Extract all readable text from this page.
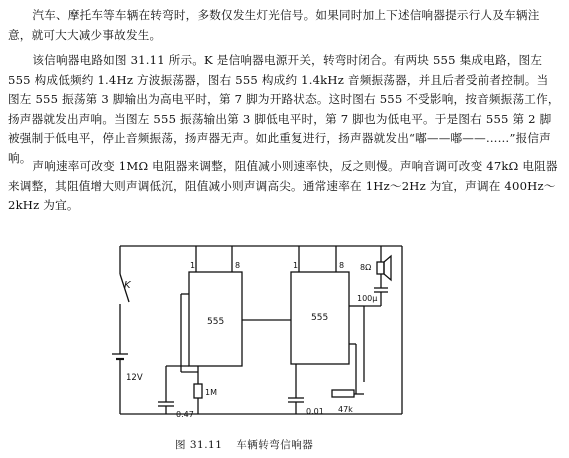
汽车、摩托车等车辆在转弯时，多数仅发生灯光信号。如果同时加上下述信响器提示行人及车辆注意，就可大大减少事故发生。

该信响器电路如图 31.11 所示。K 是信响器电源开关，转弯时闭合。有两块 555 集成电路，图左 555 构成低频约 1.4Hz 方波振荡器，图右 555 构成约 1.4kHz 音频振荡器，并且后者受前者控制。当图左 555 振荡第 3 脚输出为高电平时，第 7 脚为开路状态。这时图右 555 不受影响，按音频振荡工作，扬声器就发出声响。当图左 555 振荡输出第 3 脚低电平时，第 7 脚也为低电平。于是图右 555 第 2 脚被强制于低电平，停止音频振荡，扬声器无声。如此重复进行，扬声器就发出“嘟——嘟——……”报信声响。

声响速率可改变 1MΩ 电阻器来调整，阻值减小则速率快，反之则慢。声响音调可改变 47kΩ 电阻器来调整，其阻值增大则声调低沉，阻值减小则声调高尖。通常速率在 1Hz～2Hz 为宜，声调在 400Hz～2kHz 为宜。

K
12V
555
1	8
555
1	8
1M
0.47	0.01 47k
8Ω
100μ
图 31.11 车辆转弯信响器
